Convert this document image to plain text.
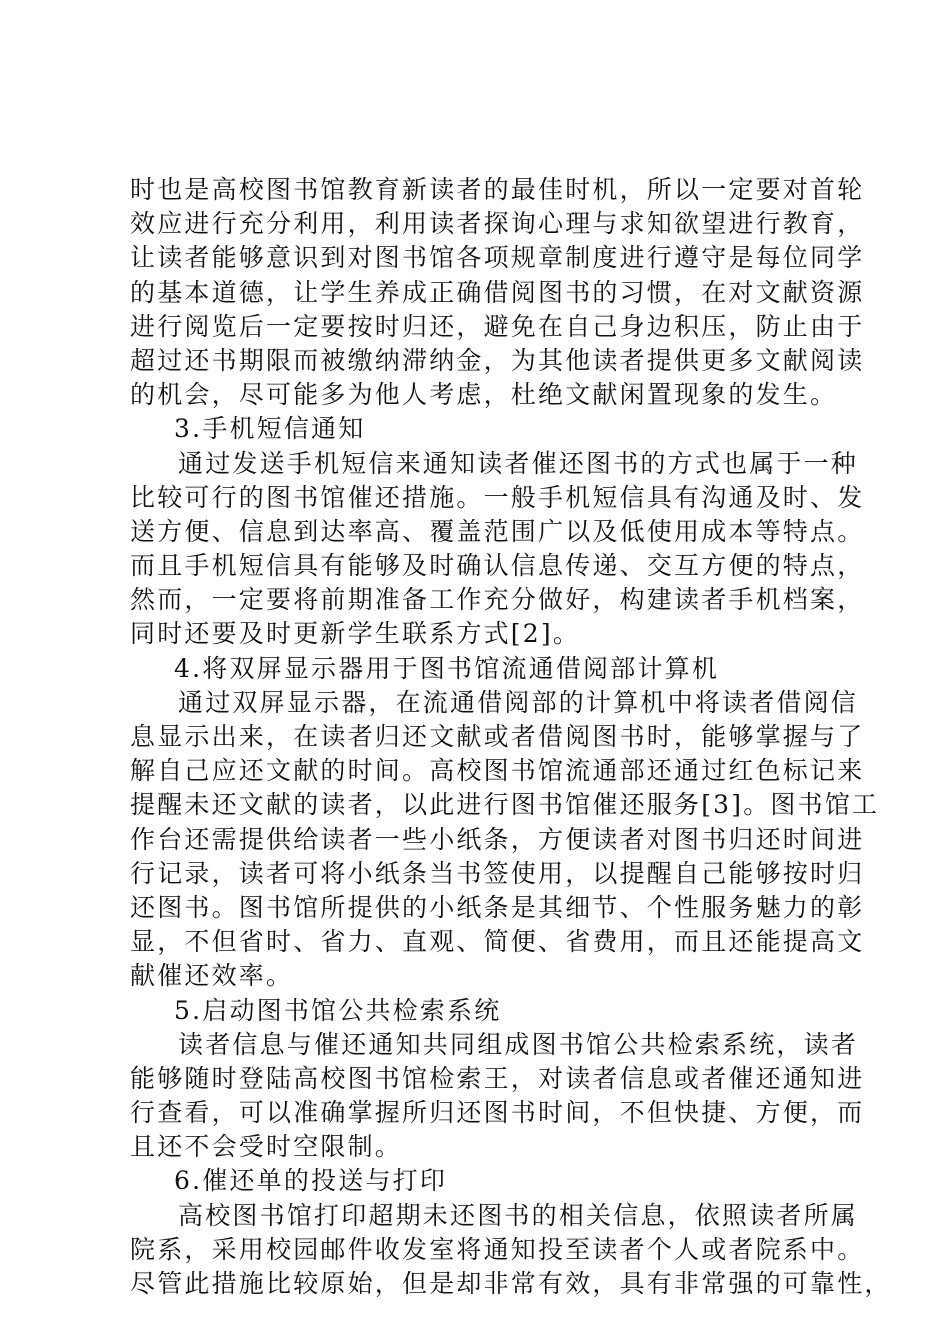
时也是高校图书馆教育新读者的最佳时机，所以一定要对首轮
效应进行充分利用，利用读者探询心理与求知欲望进行教育，
让读者能够意识到对图书馆各项规章制度进行遵守是每位同学
的基本道德，让学生养成正确借阅图书的习惯，在对文献资源
进行阅览后一定要按时归还，避免在自己身边积压，防止由于
超过还书期限而被缴纳滞纳金，为其他读者提供更多文献阅读
的机会，尽可能多为他人考虑，杜绝文献闲置现象的发生。
3.手机短信通知
通过发送手机短信来通知读者催还图书的方式也属于一种
比较可行的图书馆催还措施。一般手机短信具有沟通及时、发
送方便、信息到达率高、覆盖范围广以及低使用成本等特点。
而且手机短信具有能够及时确认信息传递、交互方便的特点，
然而，一定要将前期准备工作充分做好，构建读者手机档案，
同时还要及时更新学生联系方式[2]。
4.将双屏显示器用于图书馆流通借阅部计算机
通过双屏显示器，在流通借阅部的计算机中将读者借阅信
息显示出来，在读者归还文献或者借阅图书时，能够掌握与了
解自己应还文献的时间。高校图书馆流通部还通过红色标记来
提醒未还文献的读者，以此进行图书馆催还服务[3]。图书馆工
作台还需提供给读者一些小纸条，方便读者对图书归还时间进
行记录，读者可将小纸条当书签使用，以提醒自己能够按时归
还图书。图书馆所提供的小纸条是其细节、个性服务魅力的彰
显，不但省时、省力、直观、简便、省费用，而且还能提高文
献催还效率。
5.启动图书馆公共检索系统
读者信息与催还通知共同组成图书馆公共检索系统，读者
能够随时登陆高校图书馆检索王，对读者信息或者催还通知进
行查看，可以准确掌握所归还图书时间，不但快捷、方便，而
且还不会受时空限制。
6.催还单的投送与打印
高校图书馆打印超期未还图书的相关信息，依照读者所属
院系，采用校园邮件收发室将通知投至读者个人或者院系中。
尽管此措施比较原始，但是却非常有效，具有非常强的可靠性，
